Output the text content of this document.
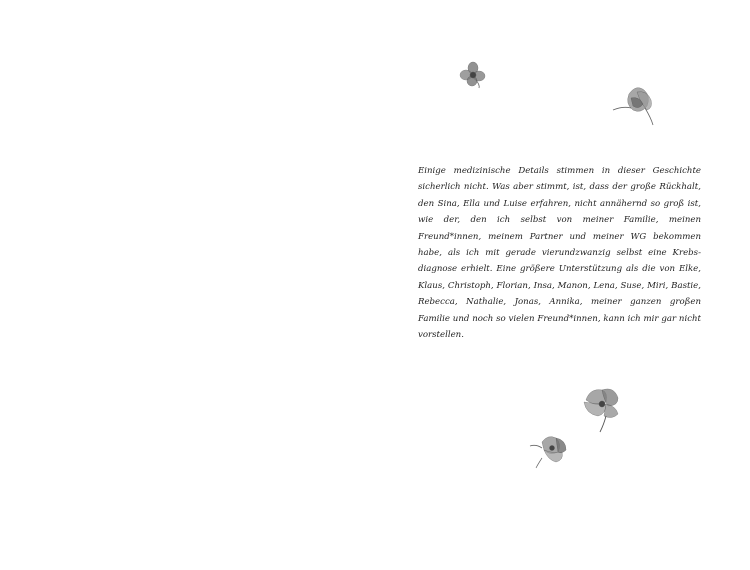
Einige medizinische Details stimmen in dieser Geschichte sicherlich nicht. Was aber stimmt, ist, dass der große Rückhalt, den Sina, Ella und Luise erfahren, nicht annähernd so groß ist, wie der, den ich selbst von meiner Familie, meinen Freund*innen, meinem Partner und meiner WG bekommen habe, als ich mit gerade vierundzwanzig selbst eine Krebsdiagnose erhielt. Eine größere Unterstützung als die von Elke, Klaus, Christoph, Florian, Insa, Manon, Lena, Suse, Miri, Bastie, Rebecca, Nathalie, Jonas, Annika, meiner ganzen großen Familie und noch so vielen Freund*innen, kann ich mir gar nicht vorstellen.
